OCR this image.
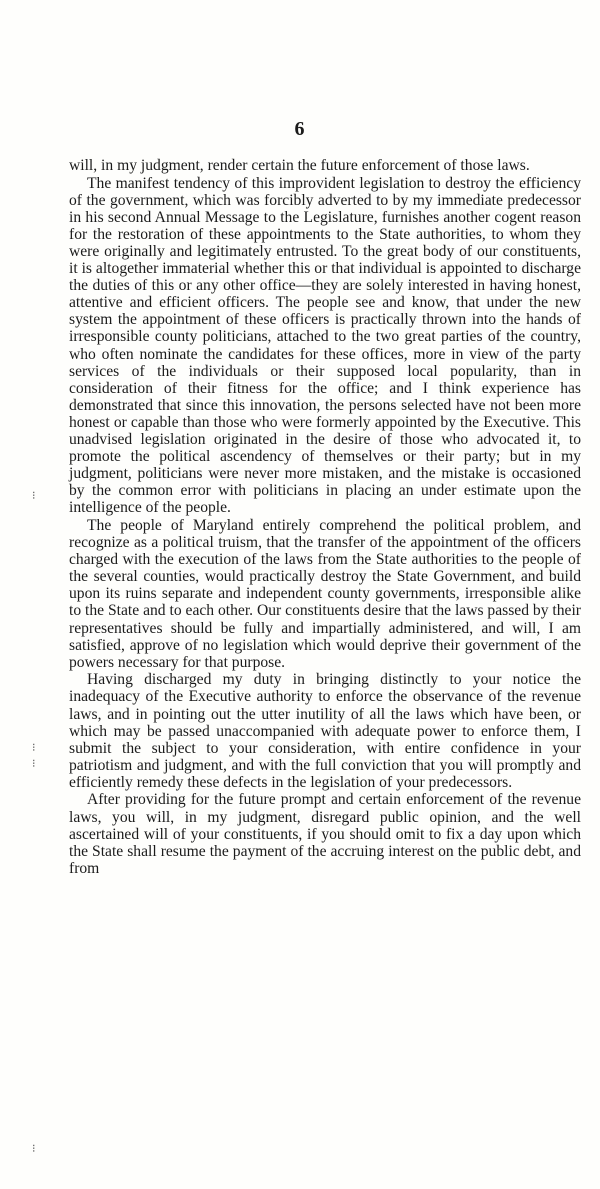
6
⁝
⁝
⁝
⁝

will, in my judgment, render certain the future enforcement of those laws.

The manifest tendency of this improvident legislation to destroy the efficiency of the government, which was forcibly adverted to by my immediate predecessor in his second Annual Message to the Legislature, furnishes another cogent reason for the restoration of these appointments to the State authorities, to whom they were originally and legitimately entrusted. To the great body of our constituents, it is altogether immaterial whether this or that individual is appointed to discharge the duties of this or any other office—they are solely interested in having honest, attentive and efficient officers. The people see and know, that under the new system the appointment of these officers is practically thrown into the hands of irresponsible county politicians, attached to the two great parties of the country, who often nominate the candidates for these offices, more in view of the party services of the individuals or their supposed local popularity, than in consideration of their fitness for the office; and I think experience has demonstrated that since this innovation, the persons selected have not been more honest or capable than those who were formerly appointed by the Executive. This unadvised legislation originated in the desire of those who advocated it, to promote the political ascendency of themselves or their party; but in my judgment, politicians were never more mistaken, and the mistake is occasioned by the common error with politicians in placing an under estimate upon the intelligence of the people.

The people of Maryland entirely comprehend the political problem, and recognize as a political truism, that the transfer of the appointment of the officers charged with the execution of the laws from the State authorities to the people of the several counties, would practically destroy the State Government, and build upon its ruins separate and independent county governments, irresponsible alike to the State and to each other. Our constituents desire that the laws passed by their representatives should be fully and impartially administered, and will, I am satisfied, approve of no legislation which would deprive their government of the powers necessary for that purpose.

Having discharged my duty in bringing distinctly to your notice the inadequacy of the Executive authority to enforce the observance of the revenue laws, and in pointing out the utter inutility of all the laws which have been, or which may be passed unaccompanied with adequate power to enforce them, I submit the subject to your consideration, with entire confidence in your patriotism and judgment, and with the full conviction that you will promptly and efficiently remedy these defects in the legislation of your predecessors.

After providing for the future prompt and certain enforcement of the revenue laws, you will, in my judgment, disregard public opinion, and the well ascertained will of your constituents, if you should omit to fix a day upon which the State shall resume the payment of the accruing interest on the public debt, and from
